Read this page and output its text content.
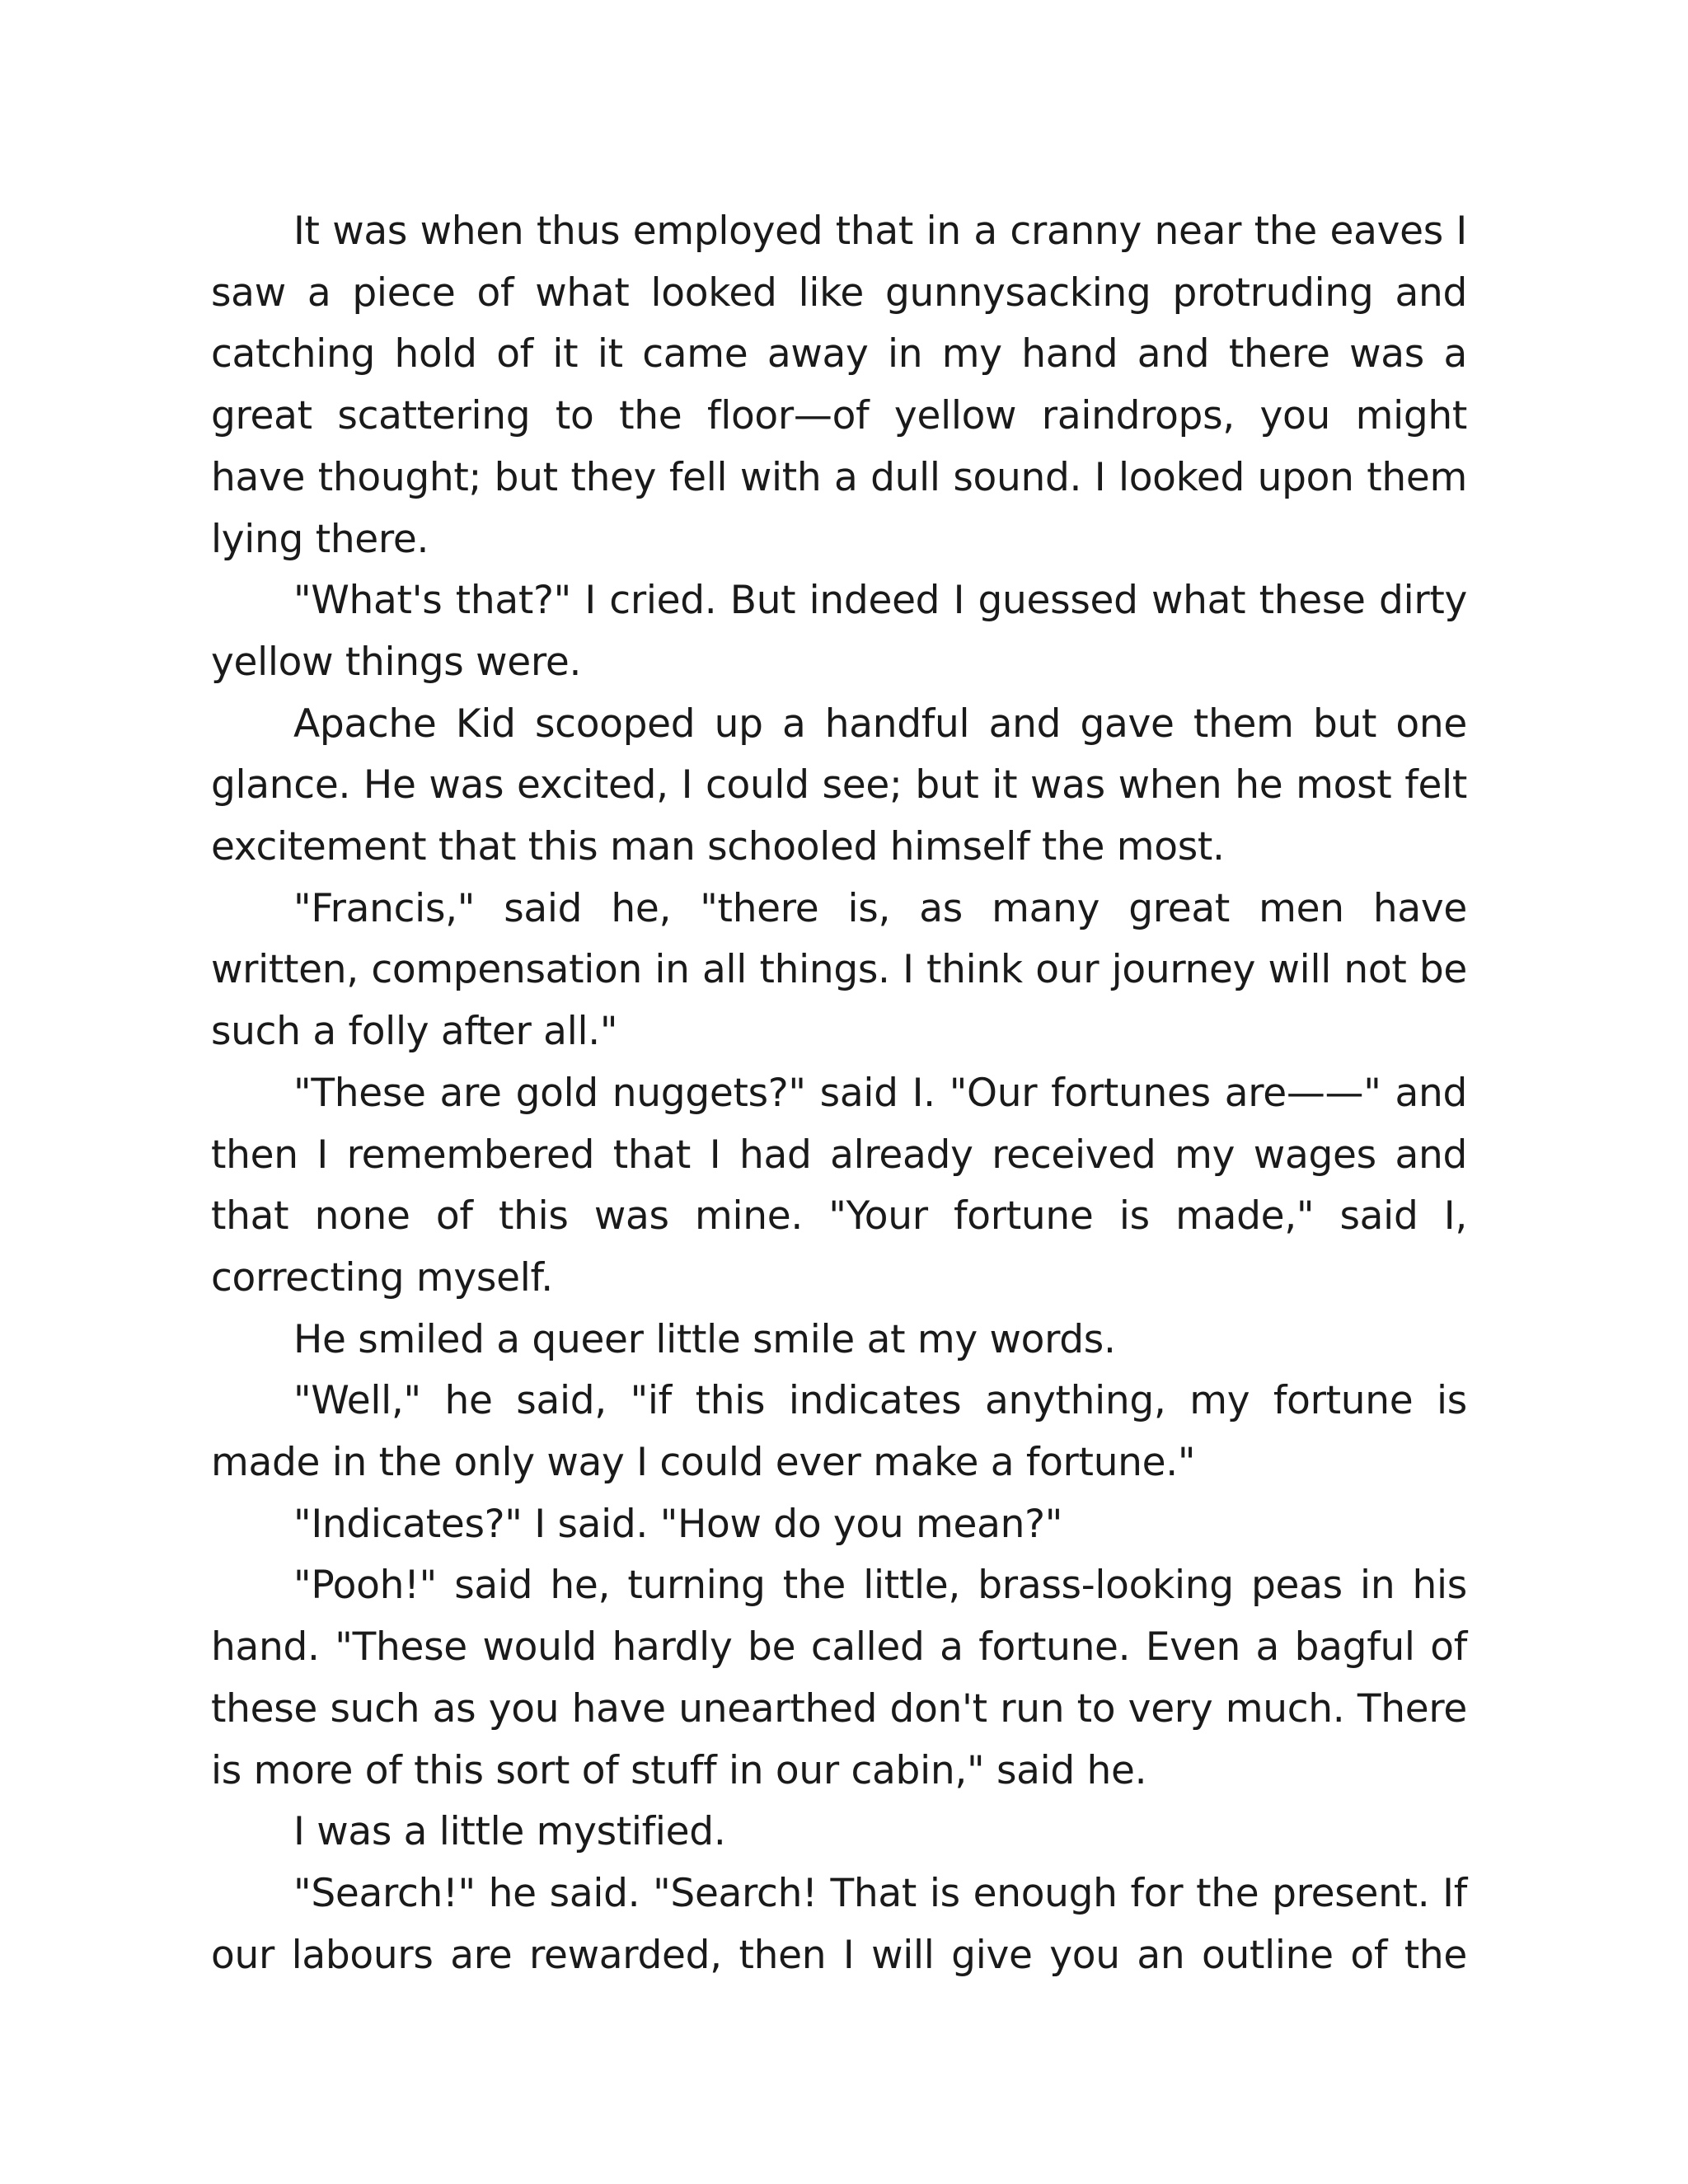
It was when thus employed that in a cranny near the eaves I saw a piece of what looked like gunnysacking protruding and catching hold of it it came away in my hand and there was a great scattering to the floor—of yellow raindrops, you might have thought; but they fell with a dull sound. I looked upon them lying there.

"What's that?" I cried. But indeed I guessed what these dirty yellow things were.

Apache Kid scooped up a handful and gave them but one glance. He was excited, I could see; but it was when he most felt excitement that this man schooled himself the most.

"Francis," said he, "there is, as many great men have written, compensation in all things. I think our journey will not be such a folly after all."

"These are gold nuggets?" said I. "Our fortunes are——" and then I remembered that I had already received my wages and that none of this was mine. "Your fortune is made," said I, correcting myself.

He smiled a queer little smile at my words.

"Well," he said, "if this indicates anything, my fortune is made in the only way I could ever make a fortune."

"Indicates?" I said. "How do you mean?"

"Pooh!" said he, turning the little, brass-looking peas in his hand. "These would hardly be called a fortune. Even a bagful of these such as you have unearthed don't run to very much. There is more of this sort of stuff in our cabin," said he.

I was a little mystified.

"Search!" he said. "Search! That is enough for the present. If our labours are rewarded, then I will give you an outline of the
